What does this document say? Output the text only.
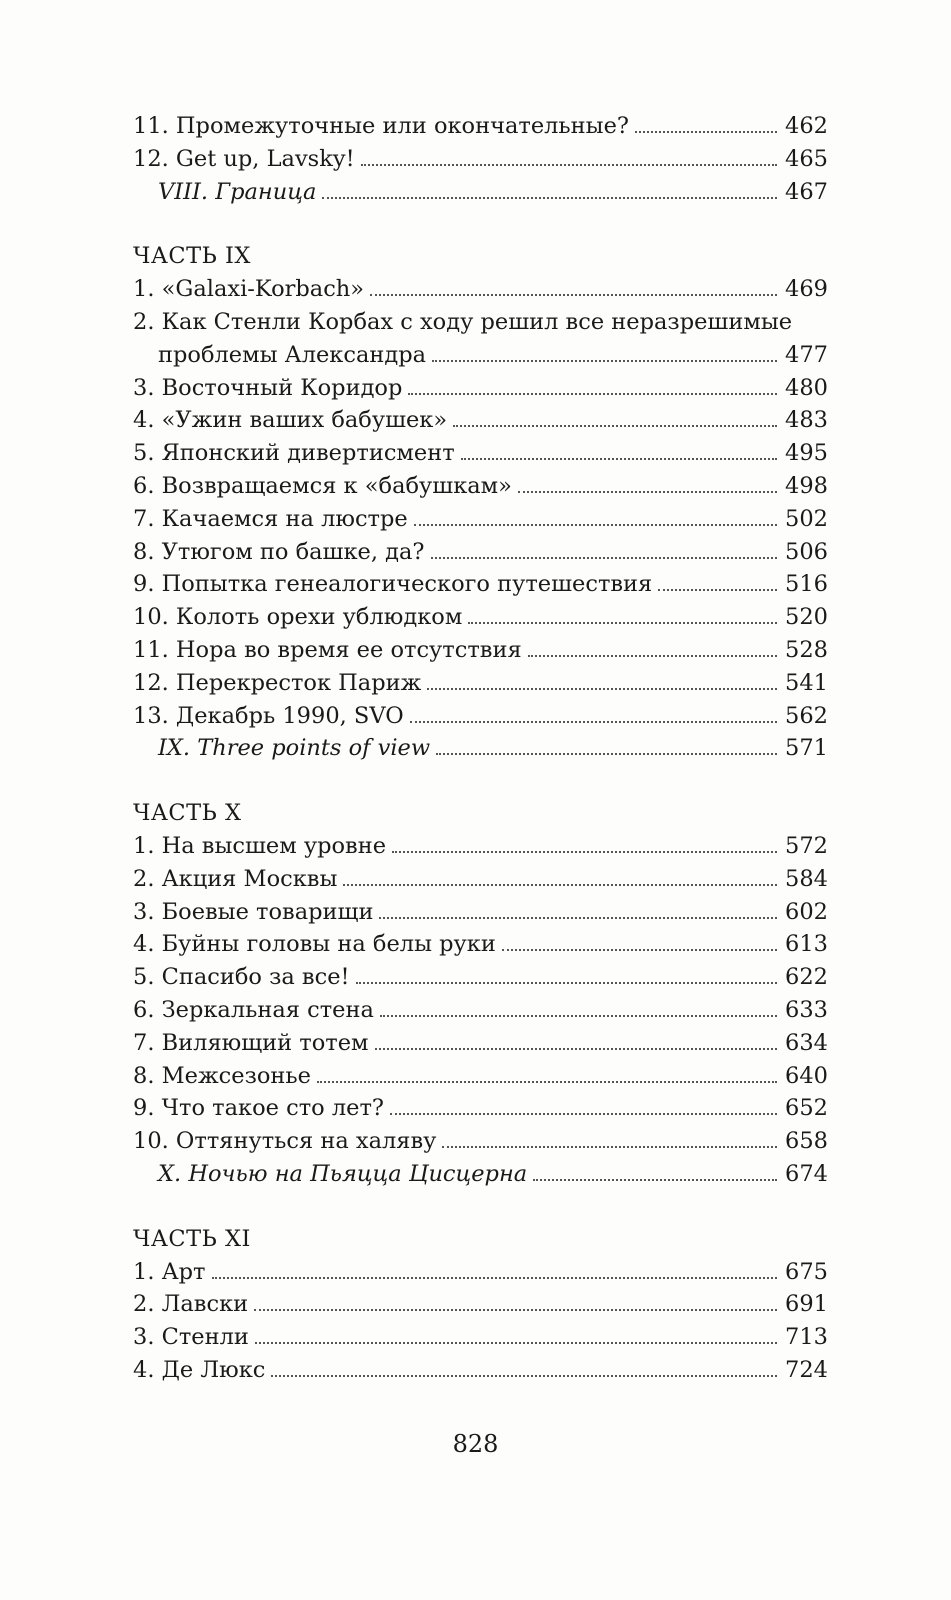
11. Промежуточные или окончательные?	462
12. Get up, Lavsky!	465
VIII. Граница	467
ЧАСТЬ IX
1. «Galaxi-Korbach»	469
2. Как Стенли Корбах с ходу решил все неразрешимые
проблемы Александра	477
3. Восточный Коридор	480
4. «Ужин ваших бабушек»	483
5. Японский дивертисмент	495
6. Возвращаемся к «бабушкам»	498
7. Качаемся на люстре	502
8. Утюгом по башке, да?	506
9. Попытка генеалогического путешествия	516
10. Колоть орехи ублюдком	520
11. Нора во время ее отсутствия	528
12. Перекресток Париж	541
13. Декабрь 1990, SVO	562
IX. Three points of view	571
ЧАСТЬ X
1. На высшем уровне	572
2. Акция Москвы	584
3. Боевые товарищи	602
4. Буйны головы на белы руки	613
5. Спасибо за все!	622
6. Зеркальная стена	633
7. Виляющий тотем	634
8. Межсезонье	640
9. Что такое сто лет?	652
10. Оттянуться на халяву	658
X. Ночью на Пьяцца Цисцерна	674
ЧАСТЬ XI
1. Арт	675
2. Лавски	691
3. Стенли	713
4. Де Люкс	724
828
